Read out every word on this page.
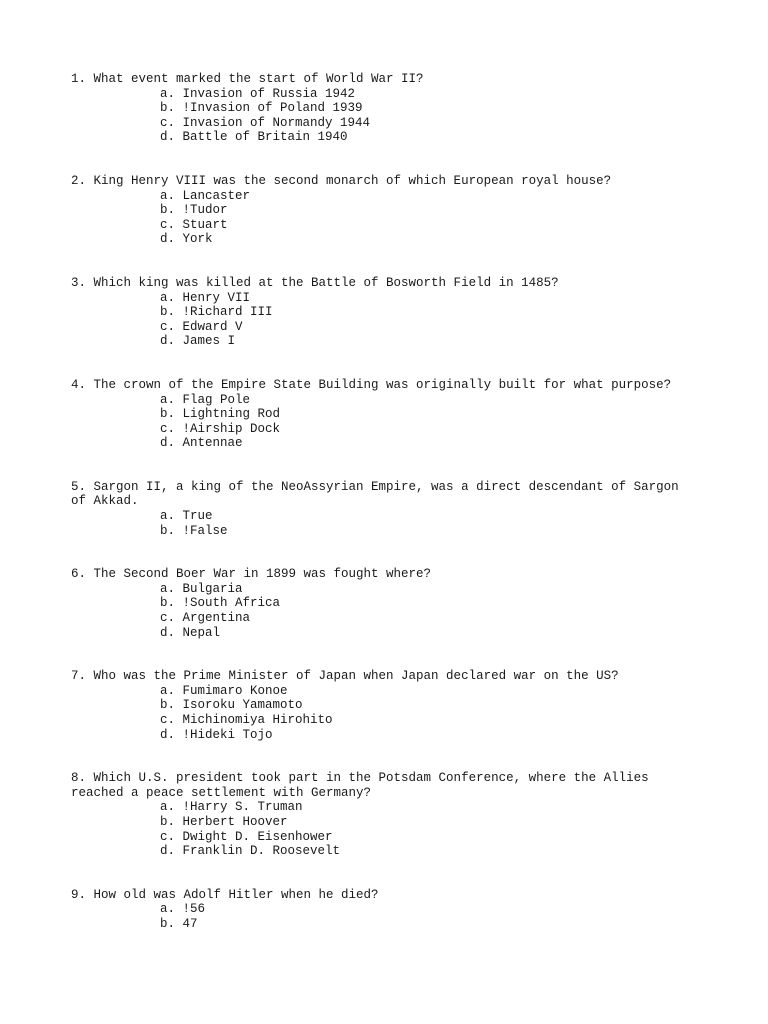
1. What event marked the start of World War II?

a. Invasion of Russia 1942
b. !Invasion of Poland 1939
c. Invasion of Normandy 1944
d. Battle of Britain 1940

2. King Henry VIII was the second monarch of which European royal house?

a. Lancaster
b. !Tudor
c. Stuart
d. York

3. Which king was killed at the Battle of Bosworth Field in 1485?

a. Henry VII
b. !Richard III
c. Edward V
d. James I

4. The crown of the Empire State Building was originally built for what purpose?

a. Flag Pole
b. Lightning Rod
c. !Airship Dock
d. Antennae

5. Sargon II, a king of the NeoAssyrian Empire, was a direct descendant of Sargon
of Akkad.

a. True
b. !False

6. The Second Boer War in 1899 was fought where?

a. Bulgaria
b. !South Africa
c. Argentina
d. Nepal

7. Who was the Prime Minister of Japan when Japan declared war on the US?

a. Fumimaro Konoe
b. Isoroku Yamamoto
c. Michinomiya Hirohito
d. !Hideki Tojo

8. Which U.S. president took part in the Potsdam Conference, where the Allies
reached a peace settlement with Germany?

a. !Harry S. Truman
b. Herbert Hoover
c. Dwight D. Eisenhower
d. Franklin D. Roosevelt

9. How old was Adolf Hitler when he died?

a. !56
b. 47
